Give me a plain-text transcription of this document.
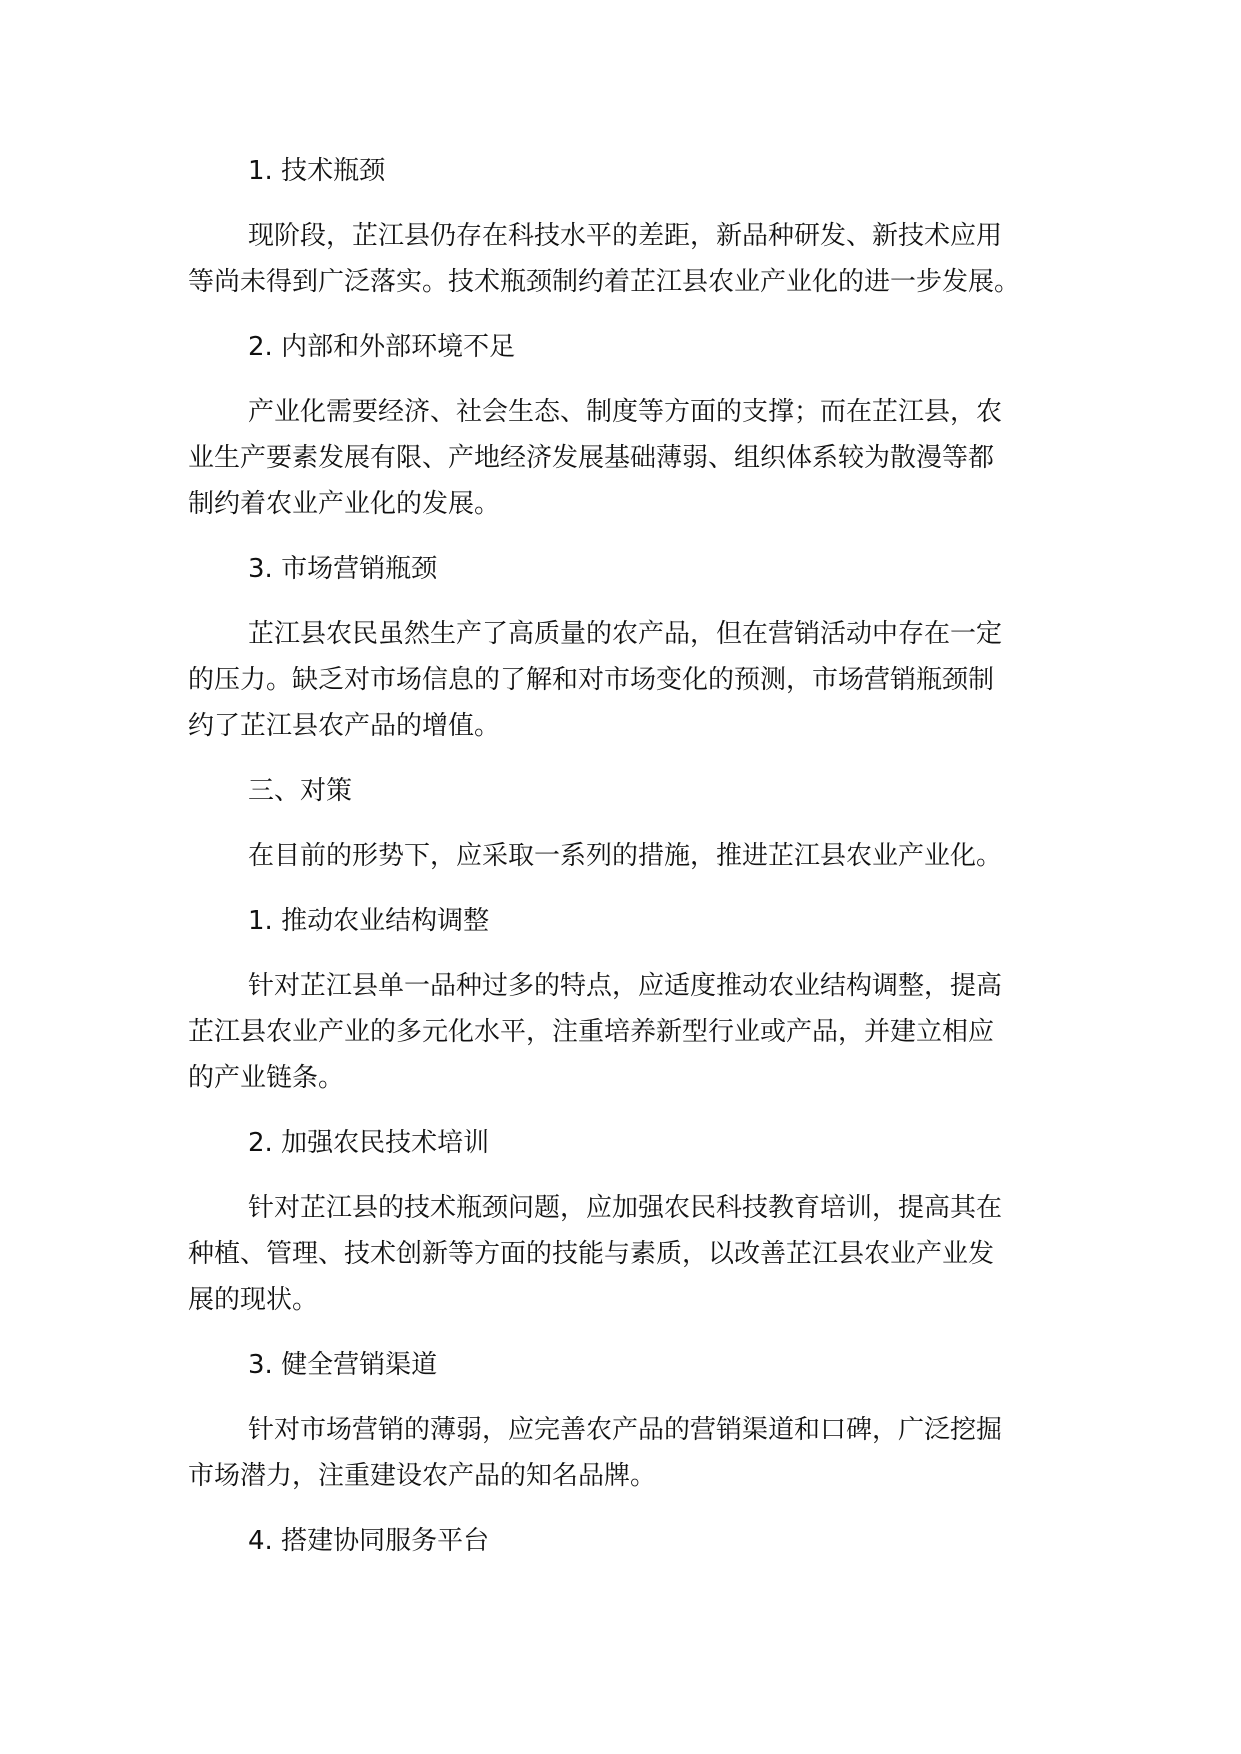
1. 技术瓶颈
现阶段，芷江县仍存在科技水平的差距，新品种研发、新技术应用
等尚未得到广泛落实。技术瓶颈制约着芷江县农业产业化的进一步发展。
2. 内部和外部环境不足
产业化需要经济、社会生态、制度等方面的支撑；而在芷江县，农
业生产要素发展有限、产地经济发展基础薄弱、组织体系较为散漫等都
制约着农业产业化的发展。
3. 市场营销瓶颈
芷江县农民虽然生产了高质量的农产品，但在营销活动中存在一定
的压力。缺乏对市场信息的了解和对市场变化的预测，市场营销瓶颈制
约了芷江县农产品的增值。
三、对策
在目前的形势下，应采取一系列的措施，推进芷江县农业产业化。
1. 推动农业结构调整
针对芷江县单一品种过多的特点，应适度推动农业结构调整，提高
芷江县农业产业的多元化水平，注重培养新型行业或产品，并建立相应
的产业链条。
2. 加强农民技术培训
针对芷江县的技术瓶颈问题，应加强农民科技教育培训，提高其在
种植、管理、技术创新等方面的技能与素质，以改善芷江县农业产业发
展的现状。
3. 健全营销渠道
针对市场营销的薄弱，应完善农产品的营销渠道和口碑，广泛挖掘
市场潜力，注重建设农产品的知名品牌。
4. 搭建协同服务平台
